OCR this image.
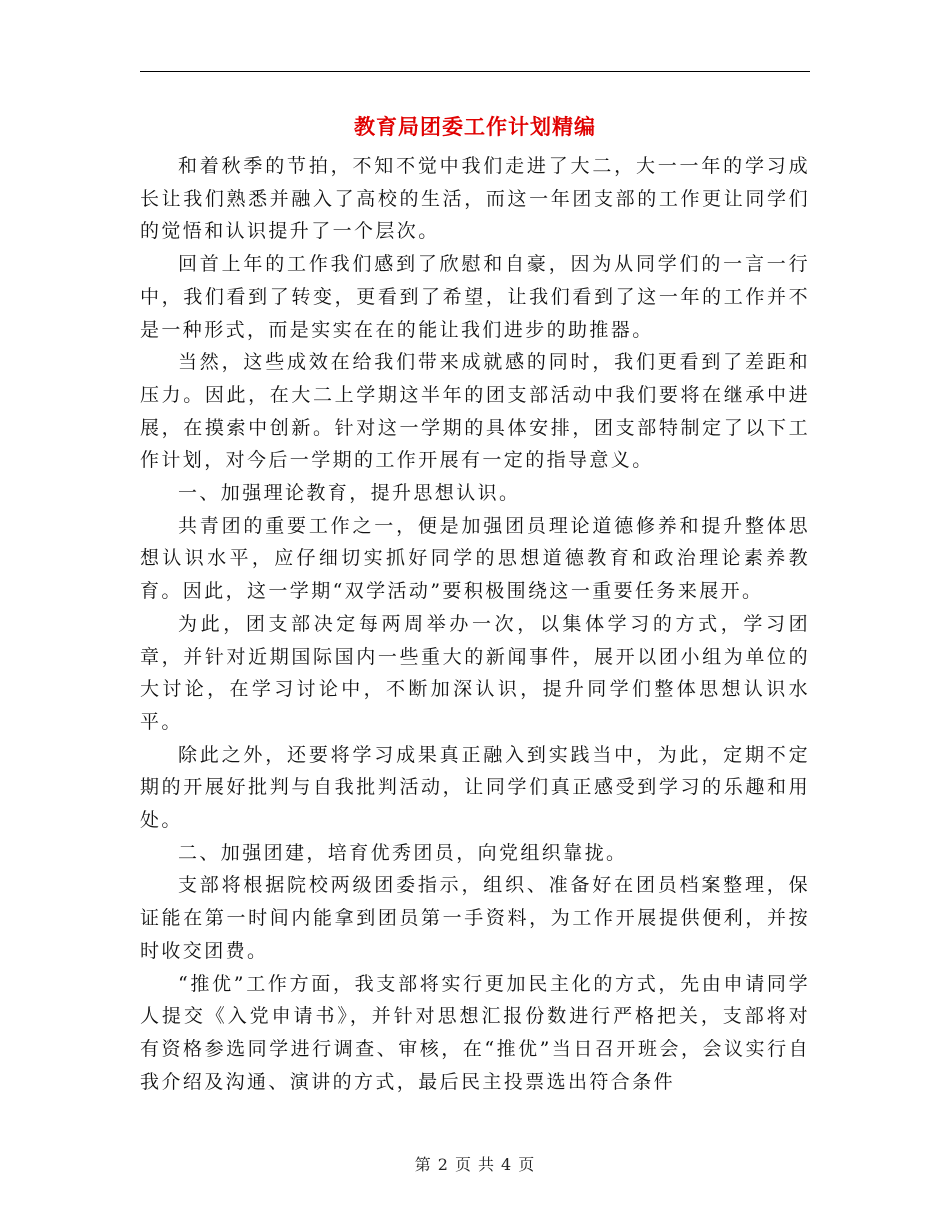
教育局团委工作计划精编

和着秋季的节拍，不知不觉中我们走进了大二，大一一年的学习成长让我们熟悉并融入了高校的生活，而这一年团支部的工作更让同学们的觉悟和认识提升了一个层次。

回首上年的工作我们感到了欣慰和自豪，因为从同学们的一言一行中，我们看到了转变，更看到了希望，让我们看到了这一年的工作并不是一种形式，而是实实在在的能让我们进步的助推器。

当然，这些成效在给我们带来成就感的同时，我们更看到了差距和压力。因此，在大二上学期这半年的团支部活动中我们要将在继承中进展，在摸索中创新。针对这一学期的具体安排，团支部特制定了以下工作计划，对今后一学期的工作开展有一定的指导意义。

一、加强理论教育，提升思想认识。

共青团的重要工作之一，便是加强团员理论道德修养和提升整体思想认识水平，应仔细切实抓好同学的思想道德教育和政治理论素养教育。因此，这一学期“双学活动”要积极围绕这一重要任务来展开。

为此，团支部决定每两周举办一次，以集体学习的方式，学习团章，并针对近期国际国内一些重大的新闻事件，展开以团小组为单位的大讨论，在学习讨论中，不断加深认识，提升同学们整体思想认识水平。

除此之外，还要将学习成果真正融入到实践当中，为此，定期不定期的开展好批判与自我批判活动，让同学们真正感受到学习的乐趣和用处。

二、加强团建，培育优秀团员，向党组织靠拢。

支部将根据院校两级团委指示，组织、准备好在团员档案整理，保证能在第一时间内能拿到团员第一手资料，为工作开展提供便利，并按时收交团费。

“推优”工作方面，我支部将实行更加民主化的方式，先由申请同学人提交《入党申请书》，并针对思想汇报份数进行严格把关，支部将对有资格参选同学进行调查、审核，在“推优”当日召开班会，会议实行自我介绍及沟通、演讲的方式，最后民主投票选出符合条件

第 2 页 共 4 页
